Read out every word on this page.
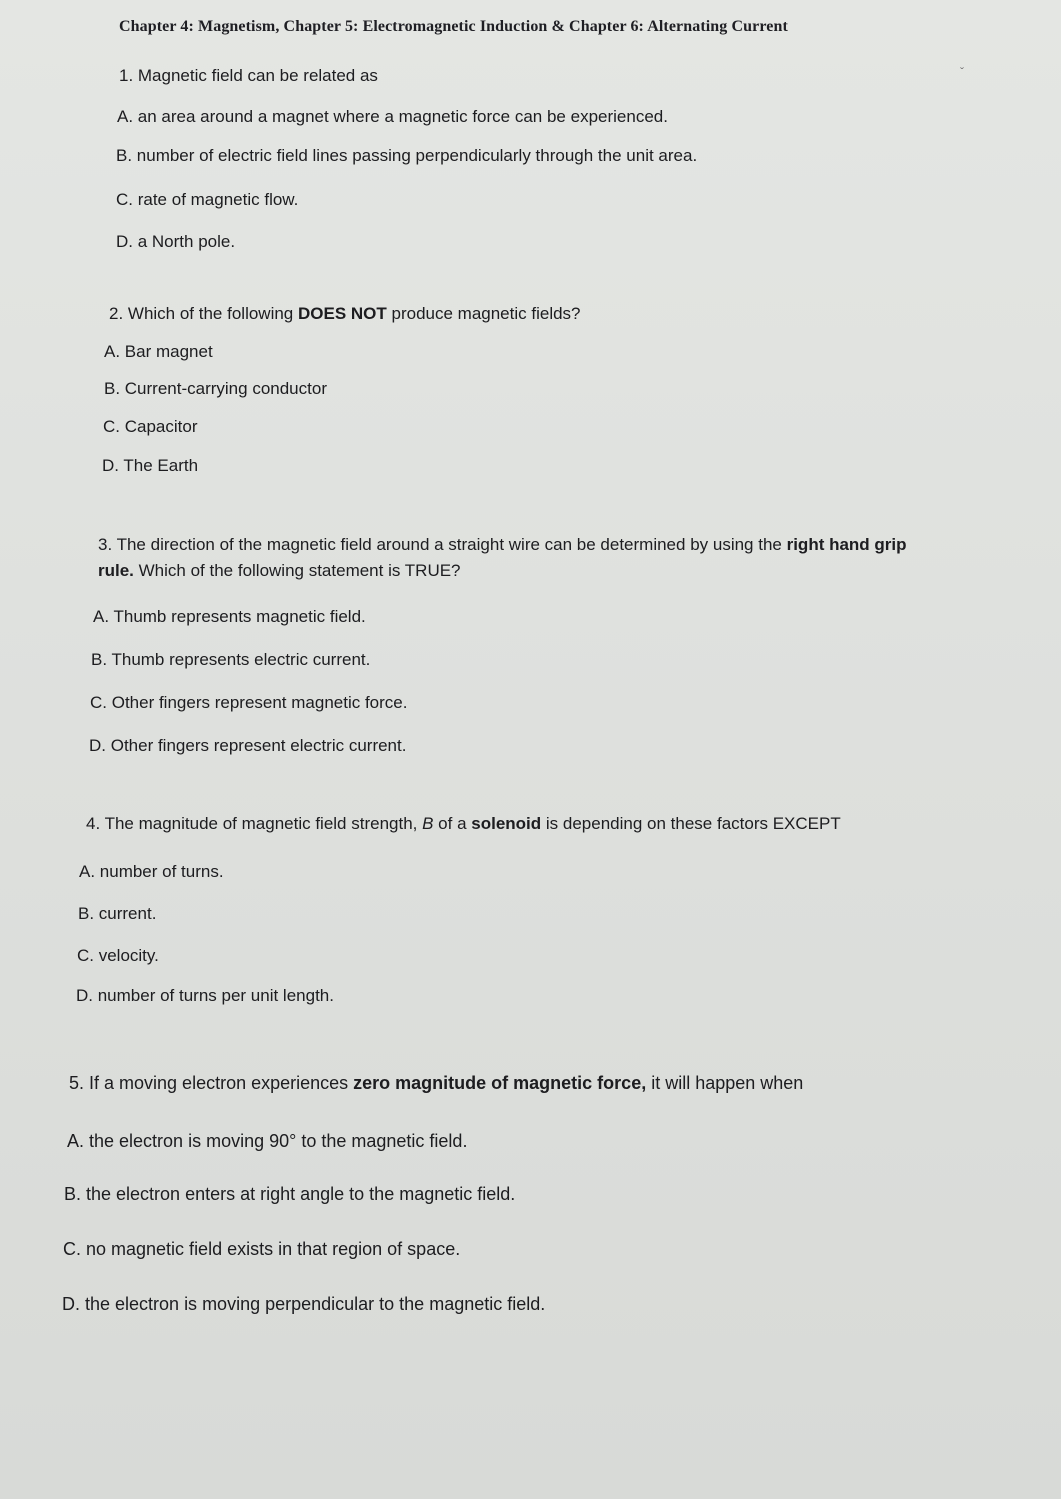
Chapter 4: Magnetism, Chapter 5: Electromagnetic Induction & Chapter 6: Alternating Current
ˇ
1. Magnetic field can be related as
A. an area around a magnet where a magnetic force can be experienced.
B. number of electric field lines passing perpendicularly through the unit area.
C. rate of magnetic flow.
D. a North pole.
2. Which of the following DOES NOT produce magnetic fields?
A. Bar magnet
B. Current-carrying conductor
C. Capacitor
D. The Earth
3. The direction of the magnetic field around a straight wire can be determined by using the right hand grip
rule. Which of the following statement is TRUE?
A. Thumb represents magnetic field.
B. Thumb represents electric current.
C. Other fingers represent magnetic force.
D. Other fingers represent electric current.
4. The magnitude of magnetic field strength, B of a solenoid is depending on these factors EXCEPT
A. number of turns.
B. current.
C. velocity.
D. number of turns per unit length.
5. If a moving electron experiences zero magnitude of magnetic force, it will happen when
A. the electron is moving 90° to the magnetic field.
B. the electron enters at right angle to the magnetic field.
C. no magnetic field exists in that region of space.
D. the electron is moving perpendicular to the magnetic field.
